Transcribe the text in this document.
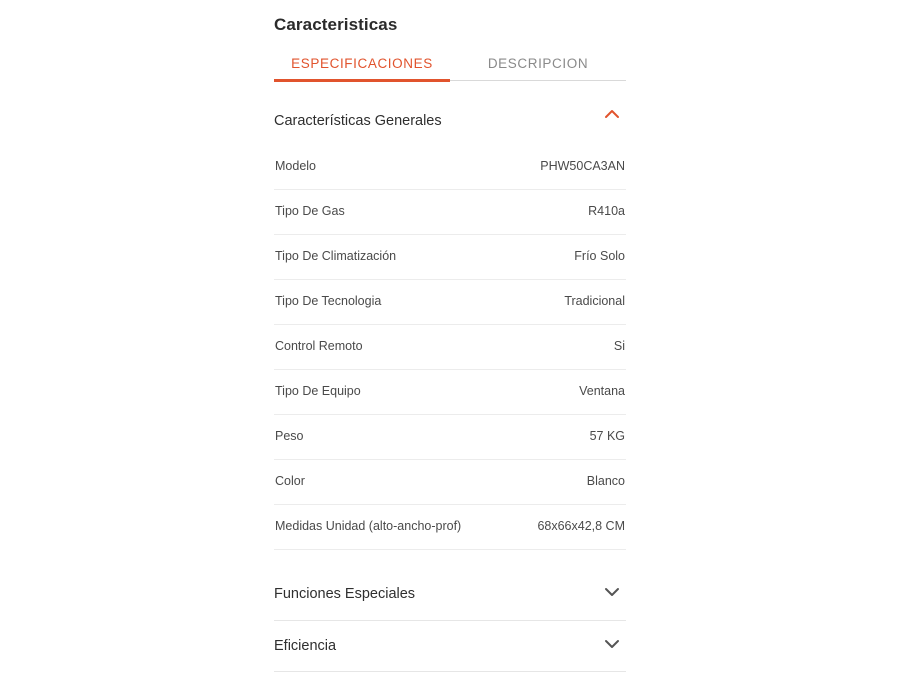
Caracteristicas
ESPECIFICACIONES	DESCRIPCION
Características Generales
Modelo	PHW50CA3AN
Tipo De Gas	R410a
Tipo De Climatización	Frío Solo
Tipo De Tecnologia	Tradicional
Control Remoto	Si
Tipo De Equipo	Ventana
Peso	57 KG
Color	Blanco
Medidas Unidad (alto-ancho-prof)	68x66x42,8 CM
Funciones Especiales
Eficiencia
